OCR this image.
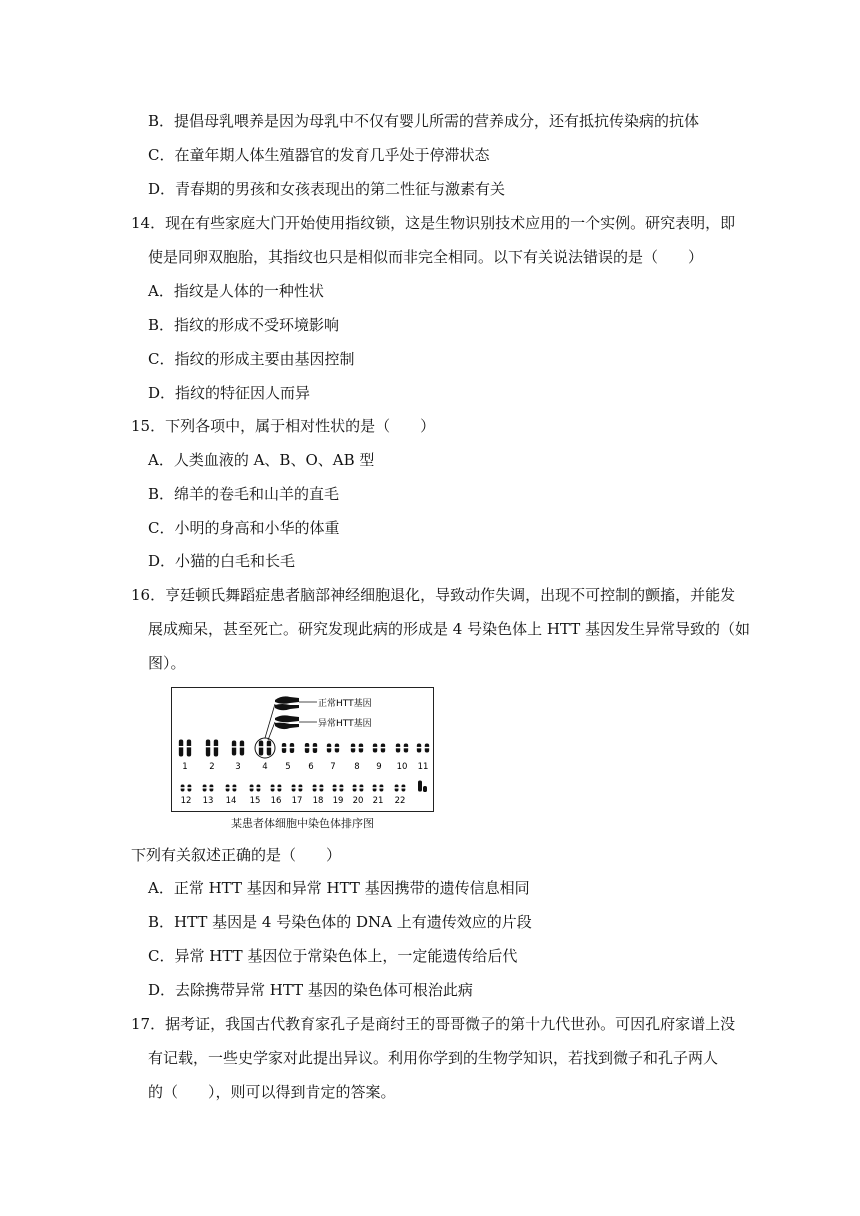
B．提倡母乳喂养是因为母乳中不仅有婴儿所需的营养成分，还有抵抗传染病的抗体
C．在童年期人体生殖器官的发育几乎处于停滞状态
D．青春期的男孩和女孩表现出的第二性征与激素有关
14．现在有些家庭大门开始使用指纹锁，这是生物识别技术应用的一个实例。研究表明，即
使是同卵双胞胎，其指纹也只是相似而非完全相同。以下有关说法错误的是（　　）
A．指纹是人体的一种性状
B．指纹的形成不受环境影响
C．指纹的形成主要由基因控制
D．指纹的特征因人而异
15．下列各项中，属于相对性状的是（　　）
A．人类血液的 A、B、O、AB 型
B．绵羊的卷毛和山羊的直毛
C．小明的身高和小华的体重
D．小猫的白毛和长毛
16．亨廷顿氏舞蹈症患者脑部神经细胞退化，导致动作失调，出现不可控制的颤搐，并能发
展成痴呆，甚至死亡。研究发现此病的形成是 4 号染色体上 HTT 基因发生异常导致的（如
图）。
正常HTT基因
异常HTT基因
1	2 3	4 5 6 7 8 9 10 11
12 13 14 15 16 17 18 19 20 21 22
某患者体细胞中染色体排序图
下列有关叙述正确的是（　　）
A．正常 HTT 基因和异常 HTT 基因携带的遗传信息相同
B．HTT 基因是 4 号染色体的 DNA 上有遗传效应的片段
C．异常 HTT 基因位于常染色体上，一定能遗传给后代
D．去除携带异常 HTT 基因的染色体可根治此病
17．据考证，我国古代教育家孔子是商纣王的哥哥微子的第十九代世孙。可因孔府家谱上没
有记载，一些史学家对此提出异议。利用你学到的生物学知识，若找到微子和孔子两人
的（　　），则可以得到肯定的答案。
